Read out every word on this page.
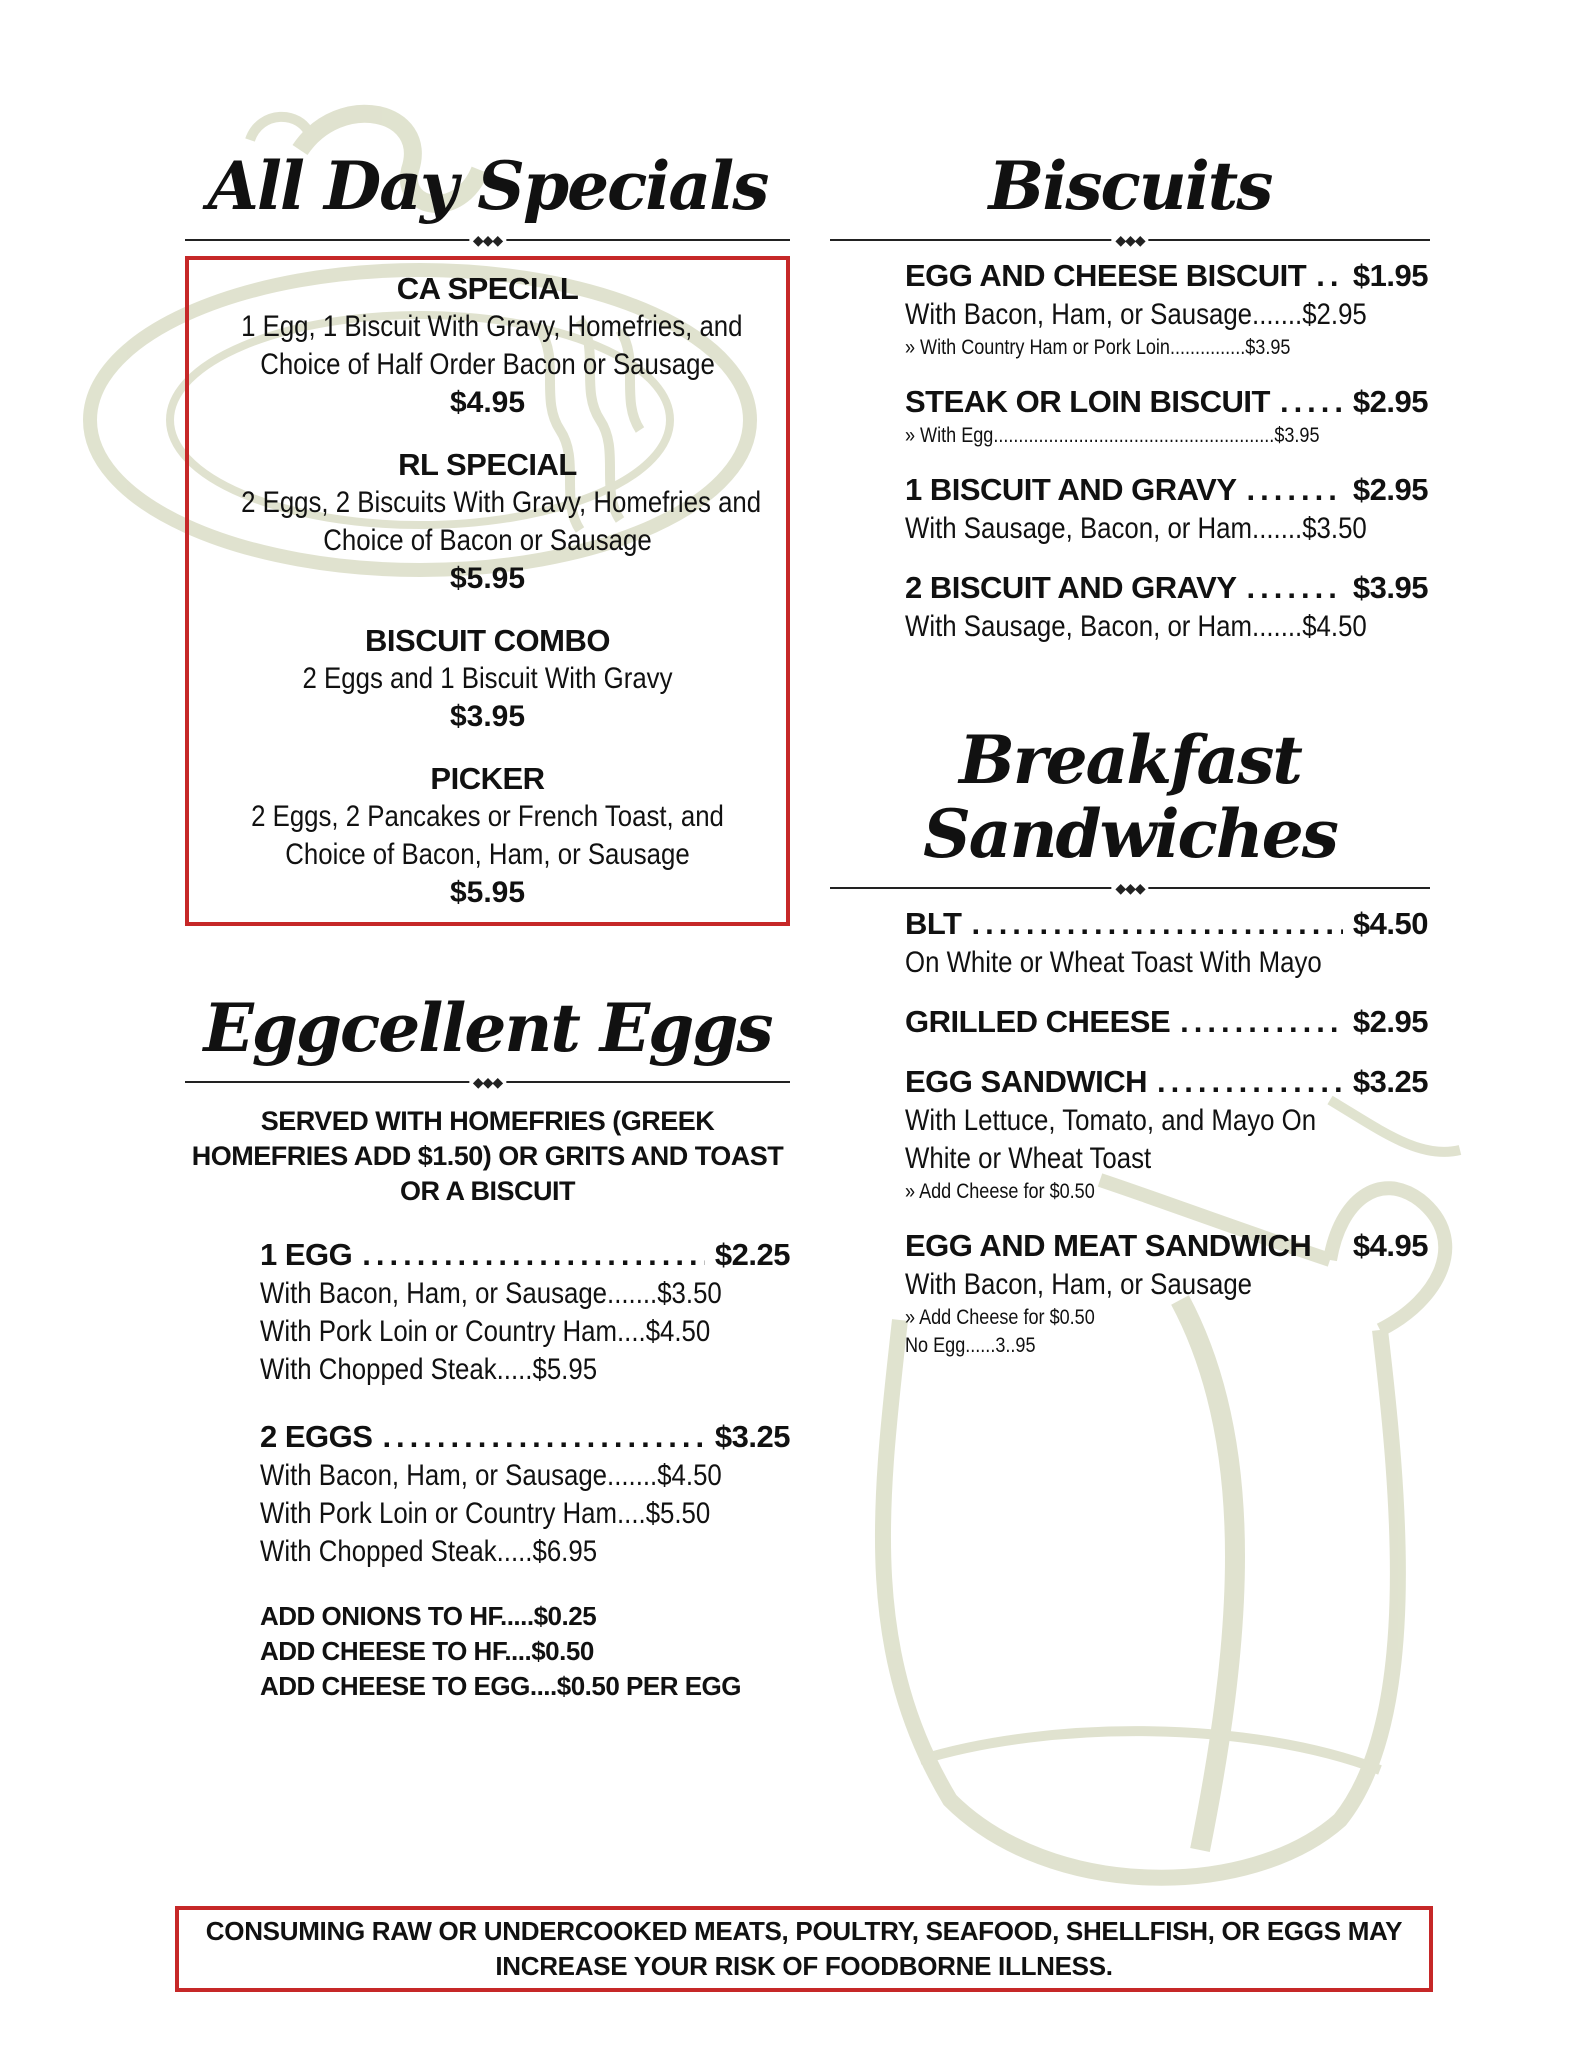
All Day Specials
◆◆◆
CA SPECIAL
1 Egg, 1 Biscuit With Gravy, Homefries, and
Choice of Half Order Bacon or Sausage
$4.95
RL SPECIAL
2 Eggs, 2 Biscuits With Gravy, Homefries and
Choice of Bacon or Sausage
$5.95
BISCUIT COMBO
2 Eggs and 1 Biscuit With Gravy
$3.95
PICKER
2 Eggs, 2 Pancakes or French Toast, and
Choice of Bacon, Ham, or Sausage
$5.95
Eggcellent Eggs
◆◆◆
SERVED WITH HOMEFRIES (GREEK
HOMEFRIES ADD $1.50) OR GRITS AND TOAST
OR A BISCUIT
1 EGG .....	$2.25
With Bacon, Ham, or Sausage.......$3.50
With Pork Loin or Country Ham....$4.50
With Chopped Steak.....$5.95
2 EGGS .....	$3.25
With Bacon, Ham, or Sausage.......$4.50
With Pork Loin or Country Ham....$5.50
With Chopped Steak.....$6.95
ADD ONIONS TO HF.....$0.25
ADD CHEESE TO HF....$0.50
ADD CHEESE TO EGG....$0.50 PER EGG
Biscuits
◆◆◆
EGG AND CHEESE BISCUIT ..... $1.95
With Bacon, Ham, or Sausage.......$2.95
» With Country Ham or Pork Loin...............$3.95
STEAK OR LOIN BISCUIT .....	$2.95
» With Egg........................................................$3.95
1 BISCUIT AND GRAVY .....	$2.95
With Sausage, Bacon, or Ham.......$3.50
2 BISCUIT AND GRAVY .....	$3.95
With Sausage, Bacon, or Ham.......$4.50
Breakfast
Sandwiches
◆◆◆
BLT .....	$4.50
On White or Wheat Toast With Mayo
GRILLED CHEESE .....	$2.95
EGG SANDWICH .....	$3.25
With Lettuce, Tomato, and Mayo On
White or Wheat Toast
» Add Cheese for $0.50
EGG AND MEAT SANDWICH $4.95
With Bacon, Ham, or Sausage
» Add Cheese for $0.50
No Egg......3..95
CONSUMING RAW OR UNDERCOOKED MEATS, POULTRY, SEAFOOD, SHELLFISH, OR EGGS MAY
INCREASE YOUR RISK OF FOODBORNE ILLNESS.
